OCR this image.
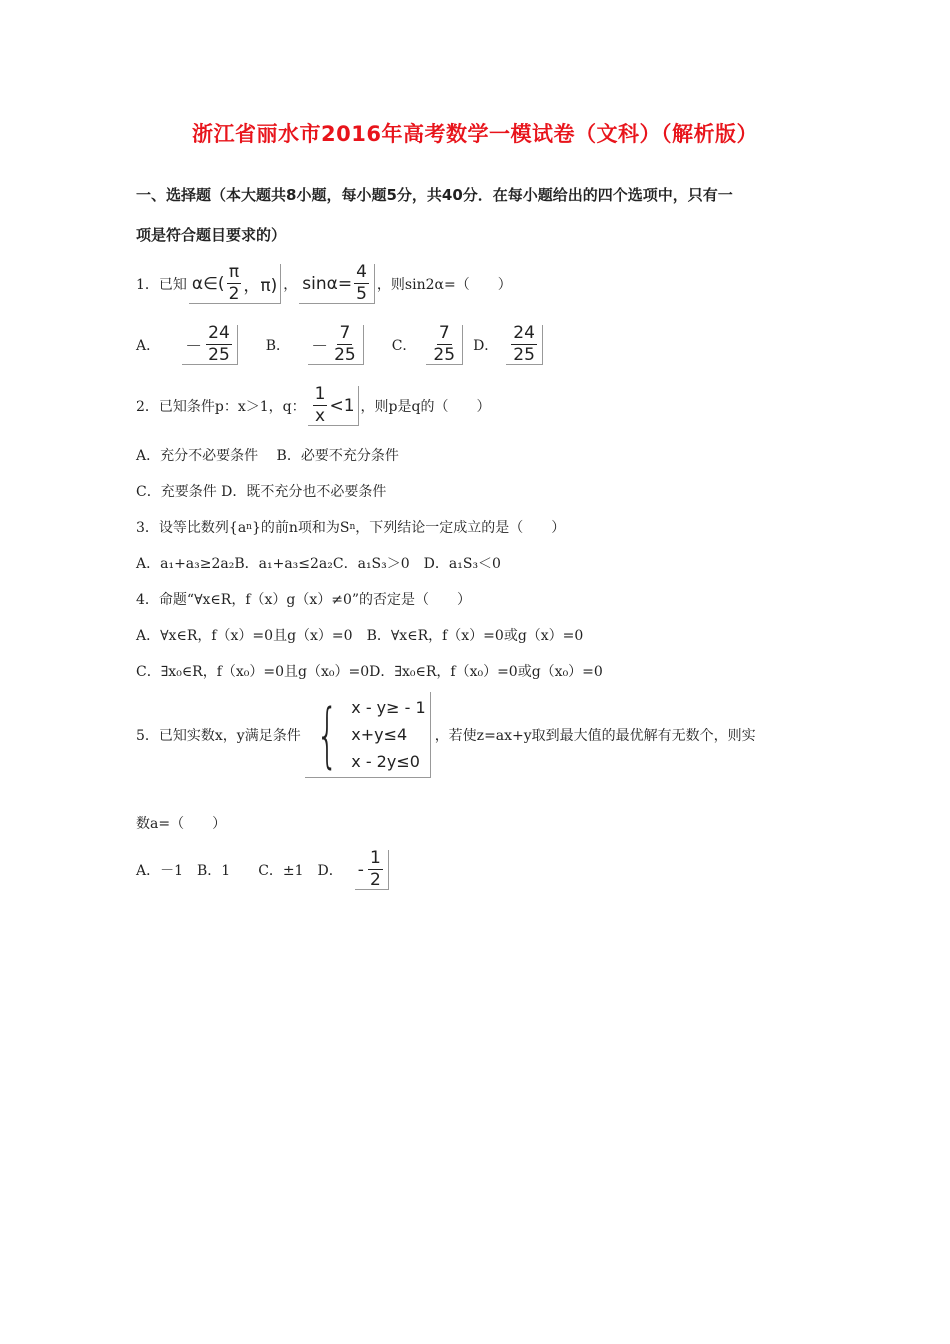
浙江省丽水市2016年高考数学一模试卷（文科）（解析版）
一、选择题（本大题共8小题，每小题5分，共40分．在每小题给出的四个选项中，只有一
项是符合题目要求的）
1．已知 α∈( $\frac{\pi}{2}$ ，π) ， $\sin\alpha= \frac{4}{5}$ ，则sin2α=（　　）
A． － $\frac{24}{25}$ B． － $\frac{7}{25}$ C． $\frac{7}{25}$ D． $\frac{24}{25}$
2．已知条件p：x＞1，q： $\frac{1}{x} <1$ ，则p是q的（　　）
A．充分不必要条件　 B．必要不充分条件
C．充要条件 D．既不充分也不必要条件
3．设等比数列{a n }的前n项和为S n ，下列结论一定成立的是（　　）
A．a₁+a₃≥2a₂B．a₁+a₃≤2a₂C．a₁S₃＞0　D．a₁S₃＜0
4．命题“∀x∈R，f（x）g（x）≠0”的否定是（　　）
A．∀x∈R，f（x）=0且g（x）=0　B．∀x∈R，f（x）=0或g（x）=0
C．∃x₀∈R，f（x₀）=0且g（x₀）=0D．∃x₀∈R，f（x₀）=0或g（x₀）=0
5．已知实数x，y满足条件 { x - y≥ - 1
x+y≤4
x - 2y≤0
，若使z=ax+y取到最大值的最优解有无数个，则实
数a=（　　）
A．－1　B．1　　C．±1　D． - $\frac{1}{2}$
